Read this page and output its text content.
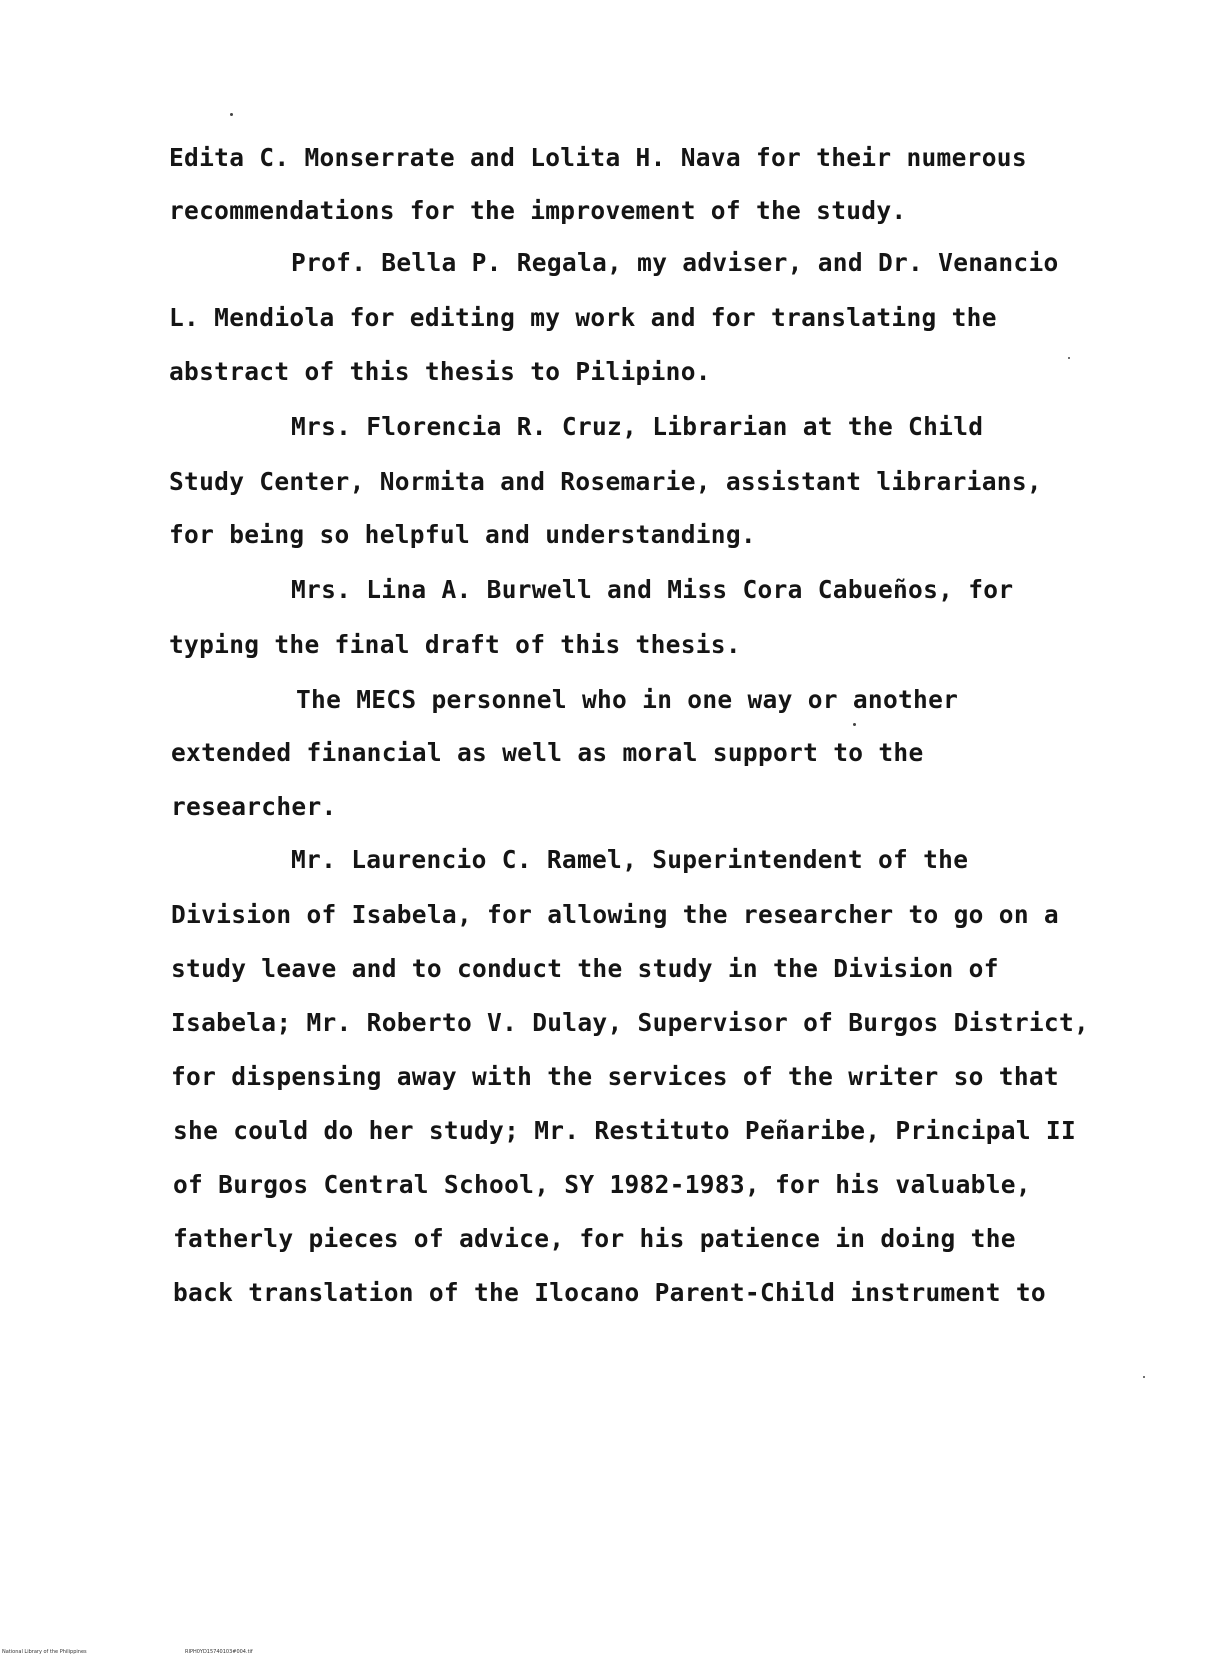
Edita C. Monserrate and Lolita H. Nava for their numerous
recommendations for the improvement of the study.
Prof. Bella P. Regala, my adviser, and Dr. Venancio
L. Mendiola for editing my work and for translating the
abstract of this thesis to Pilipino.
Mrs. Florencia R. Cruz, Librarian at the Child
Study Center, Normita and Rosemarie, assistant librarians,
for being so helpful and understanding.
Mrs. Lina A. Burwell and Miss Cora Cabueños, for
typing the final draft of this thesis.
The MECS personnel who in one way or another
extended financial as well as moral support to the
researcher.
Mr. Laurencio C. Ramel, Superintendent of the
Division of Isabela, for allowing the researcher to go on a
study leave and to conduct the study in the Division of
Isabela; Mr. Roberto V. Dulay, Supervisor of Burgos District,
for dispensing away with the services of the writer so that
she could do her study; Mr. Restituto Peñaribe, Principal II
of Burgos Central School, SY 1982-1983, for his valuable,
fatherly pieces of advice, for his patience in doing the
back translation of the Ilocano Parent-Child instrument to
National Library of the Philippines	RIPH0YD15740103#004.tif
